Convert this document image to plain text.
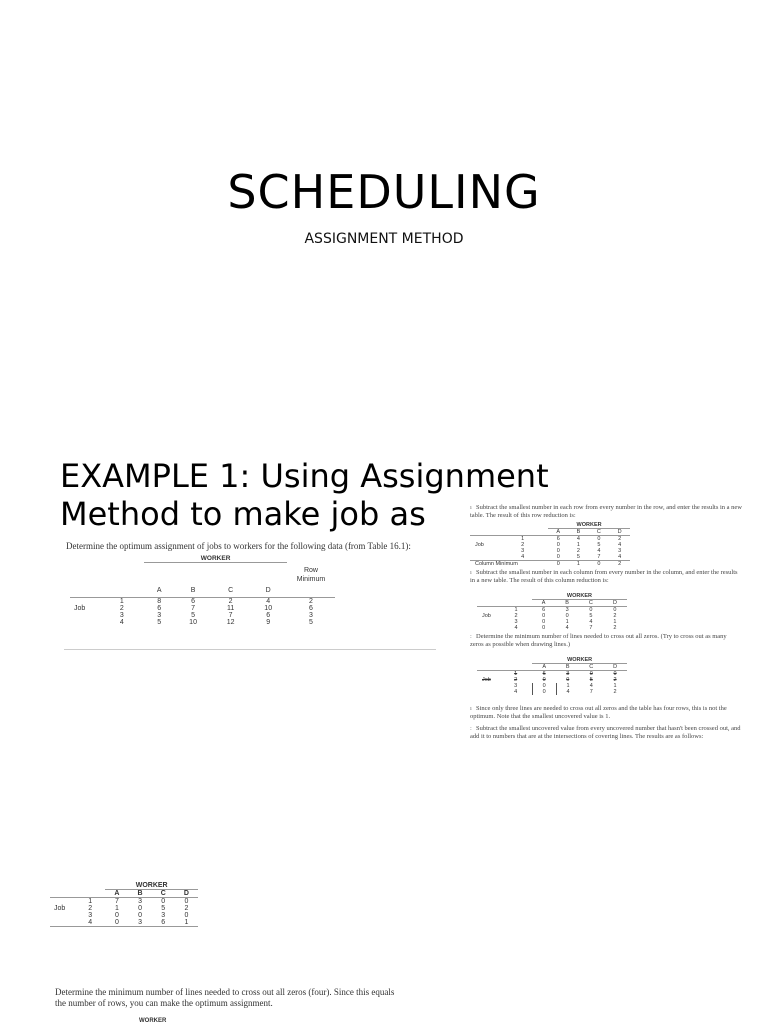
SCHEDULING
ASSIGNMENT METHOD
EXAMPLE 1: Using Assignment
Method to make job as
Determine the optimum assignment of jobs to workers for the following data (from Table 16.1):
		WORKER				
						Row Minimum
		A	B	C	D	
	1	8	6	2	4	2
Job	2	6	7	11	10	6
	3	3	5	7	6	3
	4	5	10	12	9	5
ı Subtract the smallest number in each row from every number in the row, and enter the results in a new table. The result of this row reduction is:
		WORKER			
		A	B	C	D
	1	6	4	0	2
Job	2	0	1	5	4
	3	0	2	4	3
	4	0	5	7	4
Column Minimum		0	1	0	2
ı Subtract the smallest number in each column from every number in the column, and enter the results in a new table. The result of this column reduction is:
		WORKER			
		A	B	C	D
	1	6	3	0	0
Job	2	0	0	5	2
	3	0	1	4	1
	4	0	4	7	2
: Determine the minimum number of lines needed to cross out all zeros. (Try to cross out as many zeros as possible when drawing lines.)
		WORKER			
		A	B	C	D
	1	6	3	0	0
Job	2	0	0	5	2
	3	0	1	4	1
	4	0	4	7	2
ı Since only three lines are needed to cross out all zeros and the table has four rows, this is not the optimum. Note that the smallest uncovered value is 1.
: Subtract the smallest uncovered value from every uncovered number that hasn't been crossed out, and add it to numbers that are at the intersections of covering lines. The results are as follows:
		WORKER			
		A	B	C	D
	1	7	3	0	0
Job	2	1	0	5	2
	3	0	0	3	0
	4	0	3	6	1
Determine the minimum number of lines needed to cross out all zeros (four). Since this equals the number of rows, you can make the optimum assignment.
WORKER
